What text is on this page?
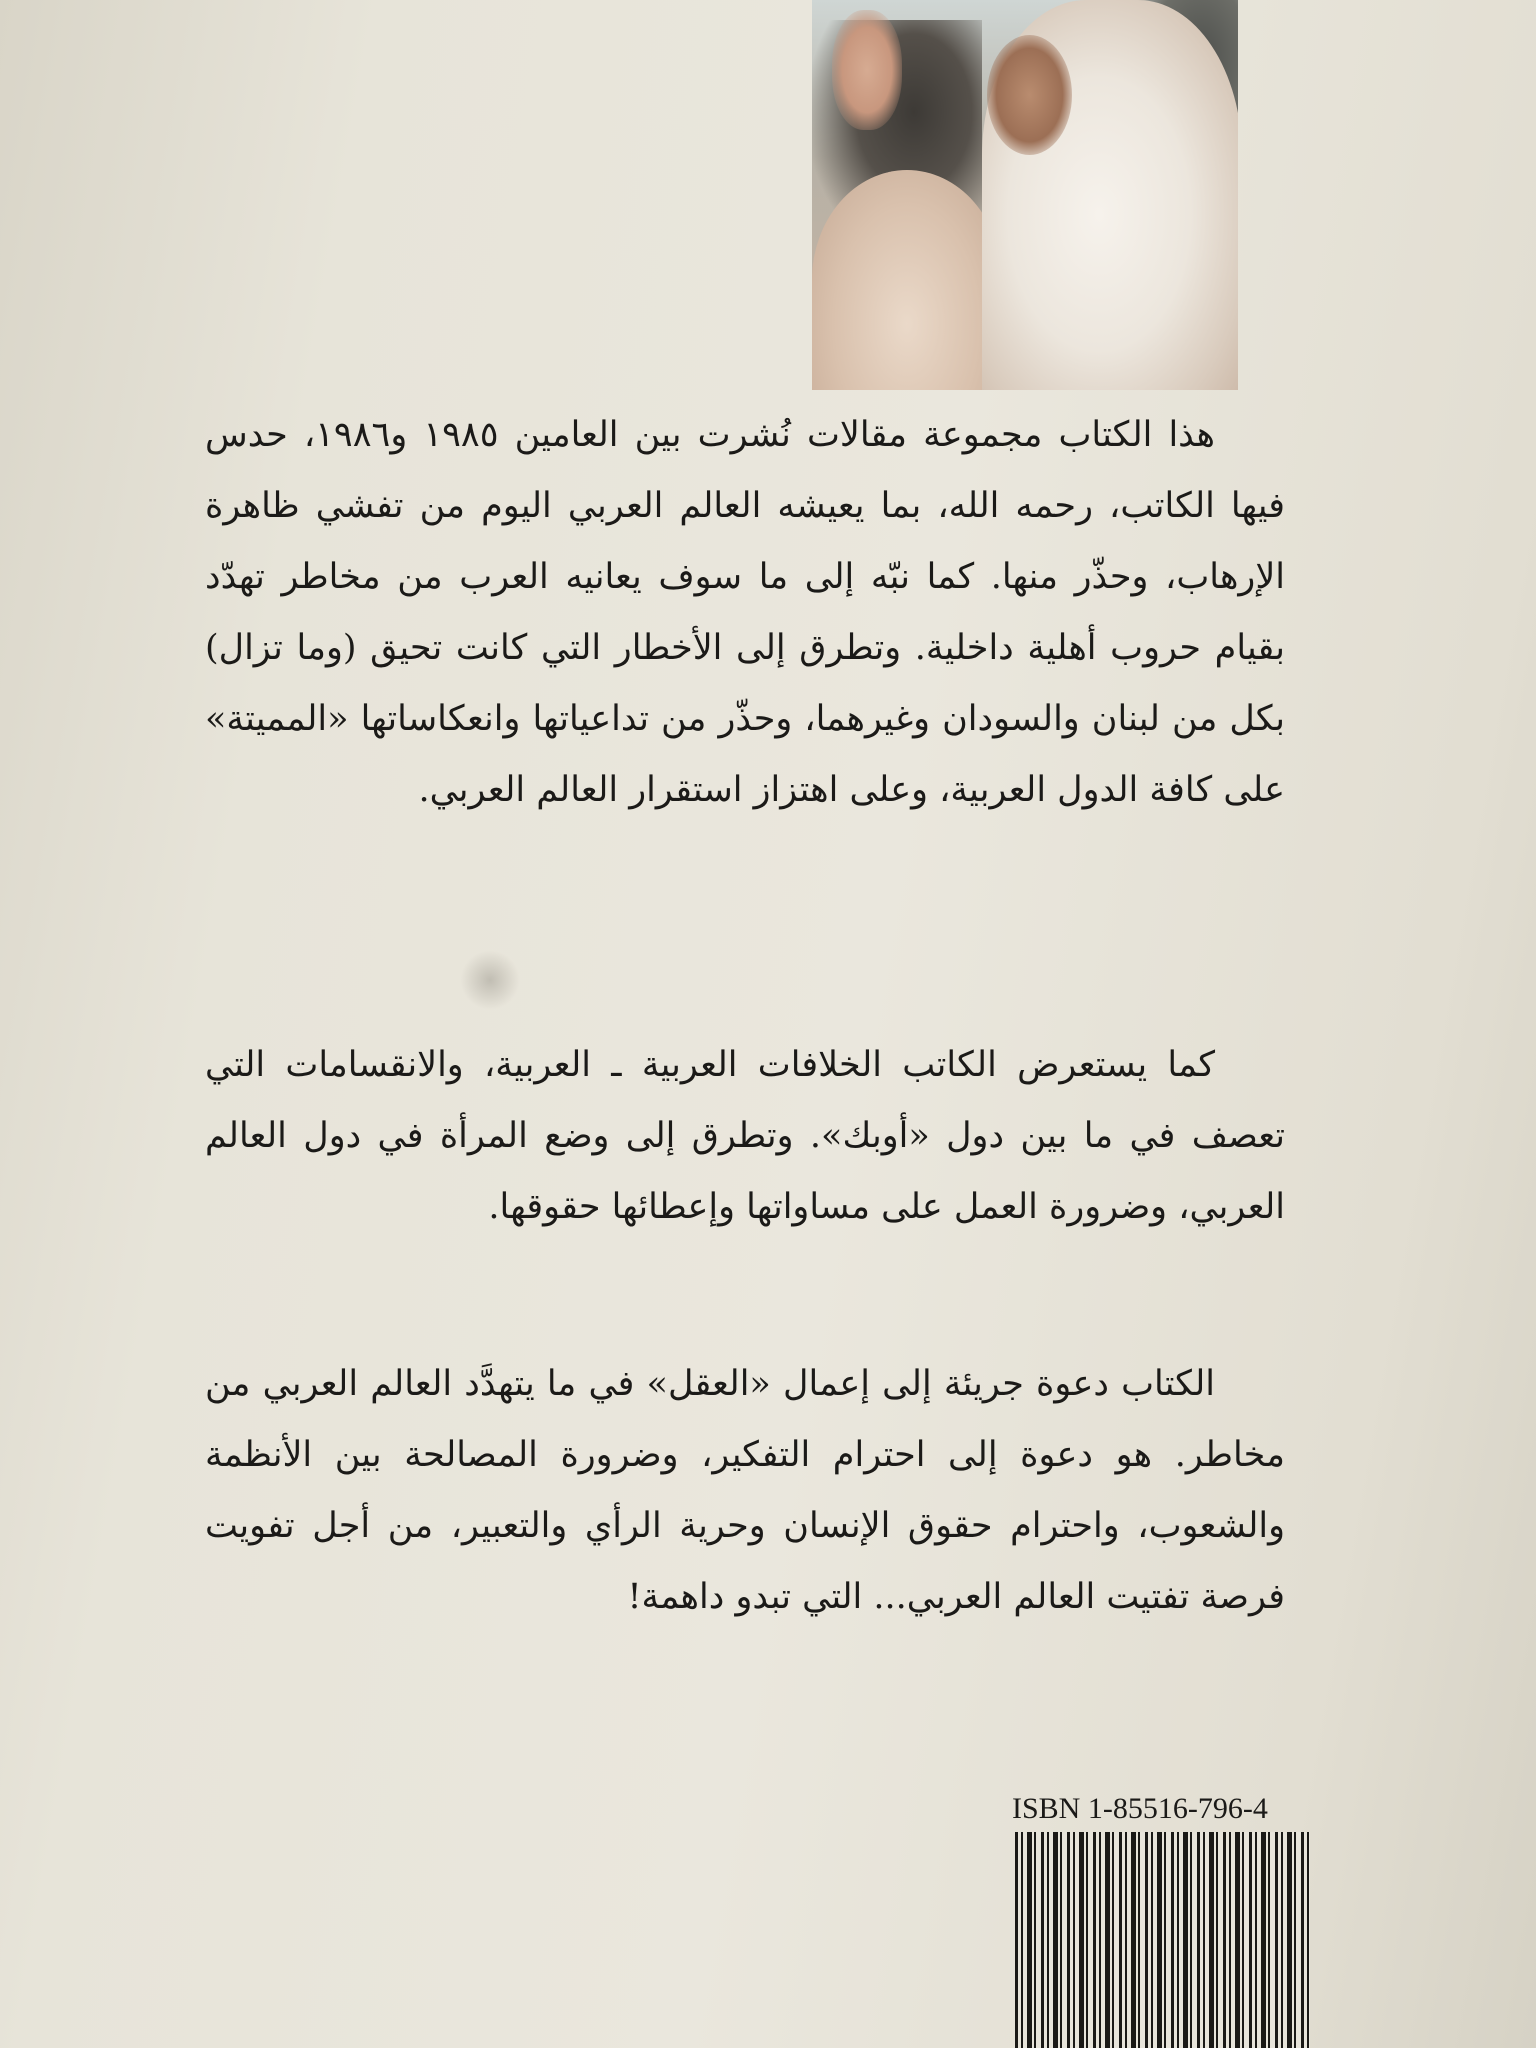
هذا الكتاب مجموعة مقالات نُشرت بين العامين ١٩٨٥ و١٩٨٦، حدس فيها الكاتب، رحمه الله، بما يعيشه العالم العربي اليوم من تفشي ظاهرة الإرهاب، وحذّر منها. كما نبّه إلى ما سوف يعانيه العرب من مخاطر تهدّد بقيام حروب أهلية داخلية. وتطرق إلى الأخطار التي كانت تحيق (وما تزال) بكل من لبنان والسودان وغيرهما، وحذّر من تداعياتها وانعكاساتها «المميتة» على كافة الدول العربية، وعلى اهتزاز استقرار العالم العربي.

كما يستعرض الكاتب الخلافات العربية ـ العربية، والانقسامات التي تعصف في ما بين دول «أوبك». وتطرق إلى وضع المرأة في دول العالم العربي، وضرورة العمل على مساواتها وإعطائها حقوقها.

الكتاب دعوة جريئة إلى إعمال «العقل» في ما يتهدَّد العالم العربي من مخاطر. هو دعوة إلى احترام التفكير، وضرورة المصالحة بين الأنظمة والشعوب، واحترام حقوق الإنسان وحرية الرأي والتعبير، من أجل تفويت فرصة تفتيت العالم العربي... التي تبدو داهمة!

ISBN 1-85516-796-4
